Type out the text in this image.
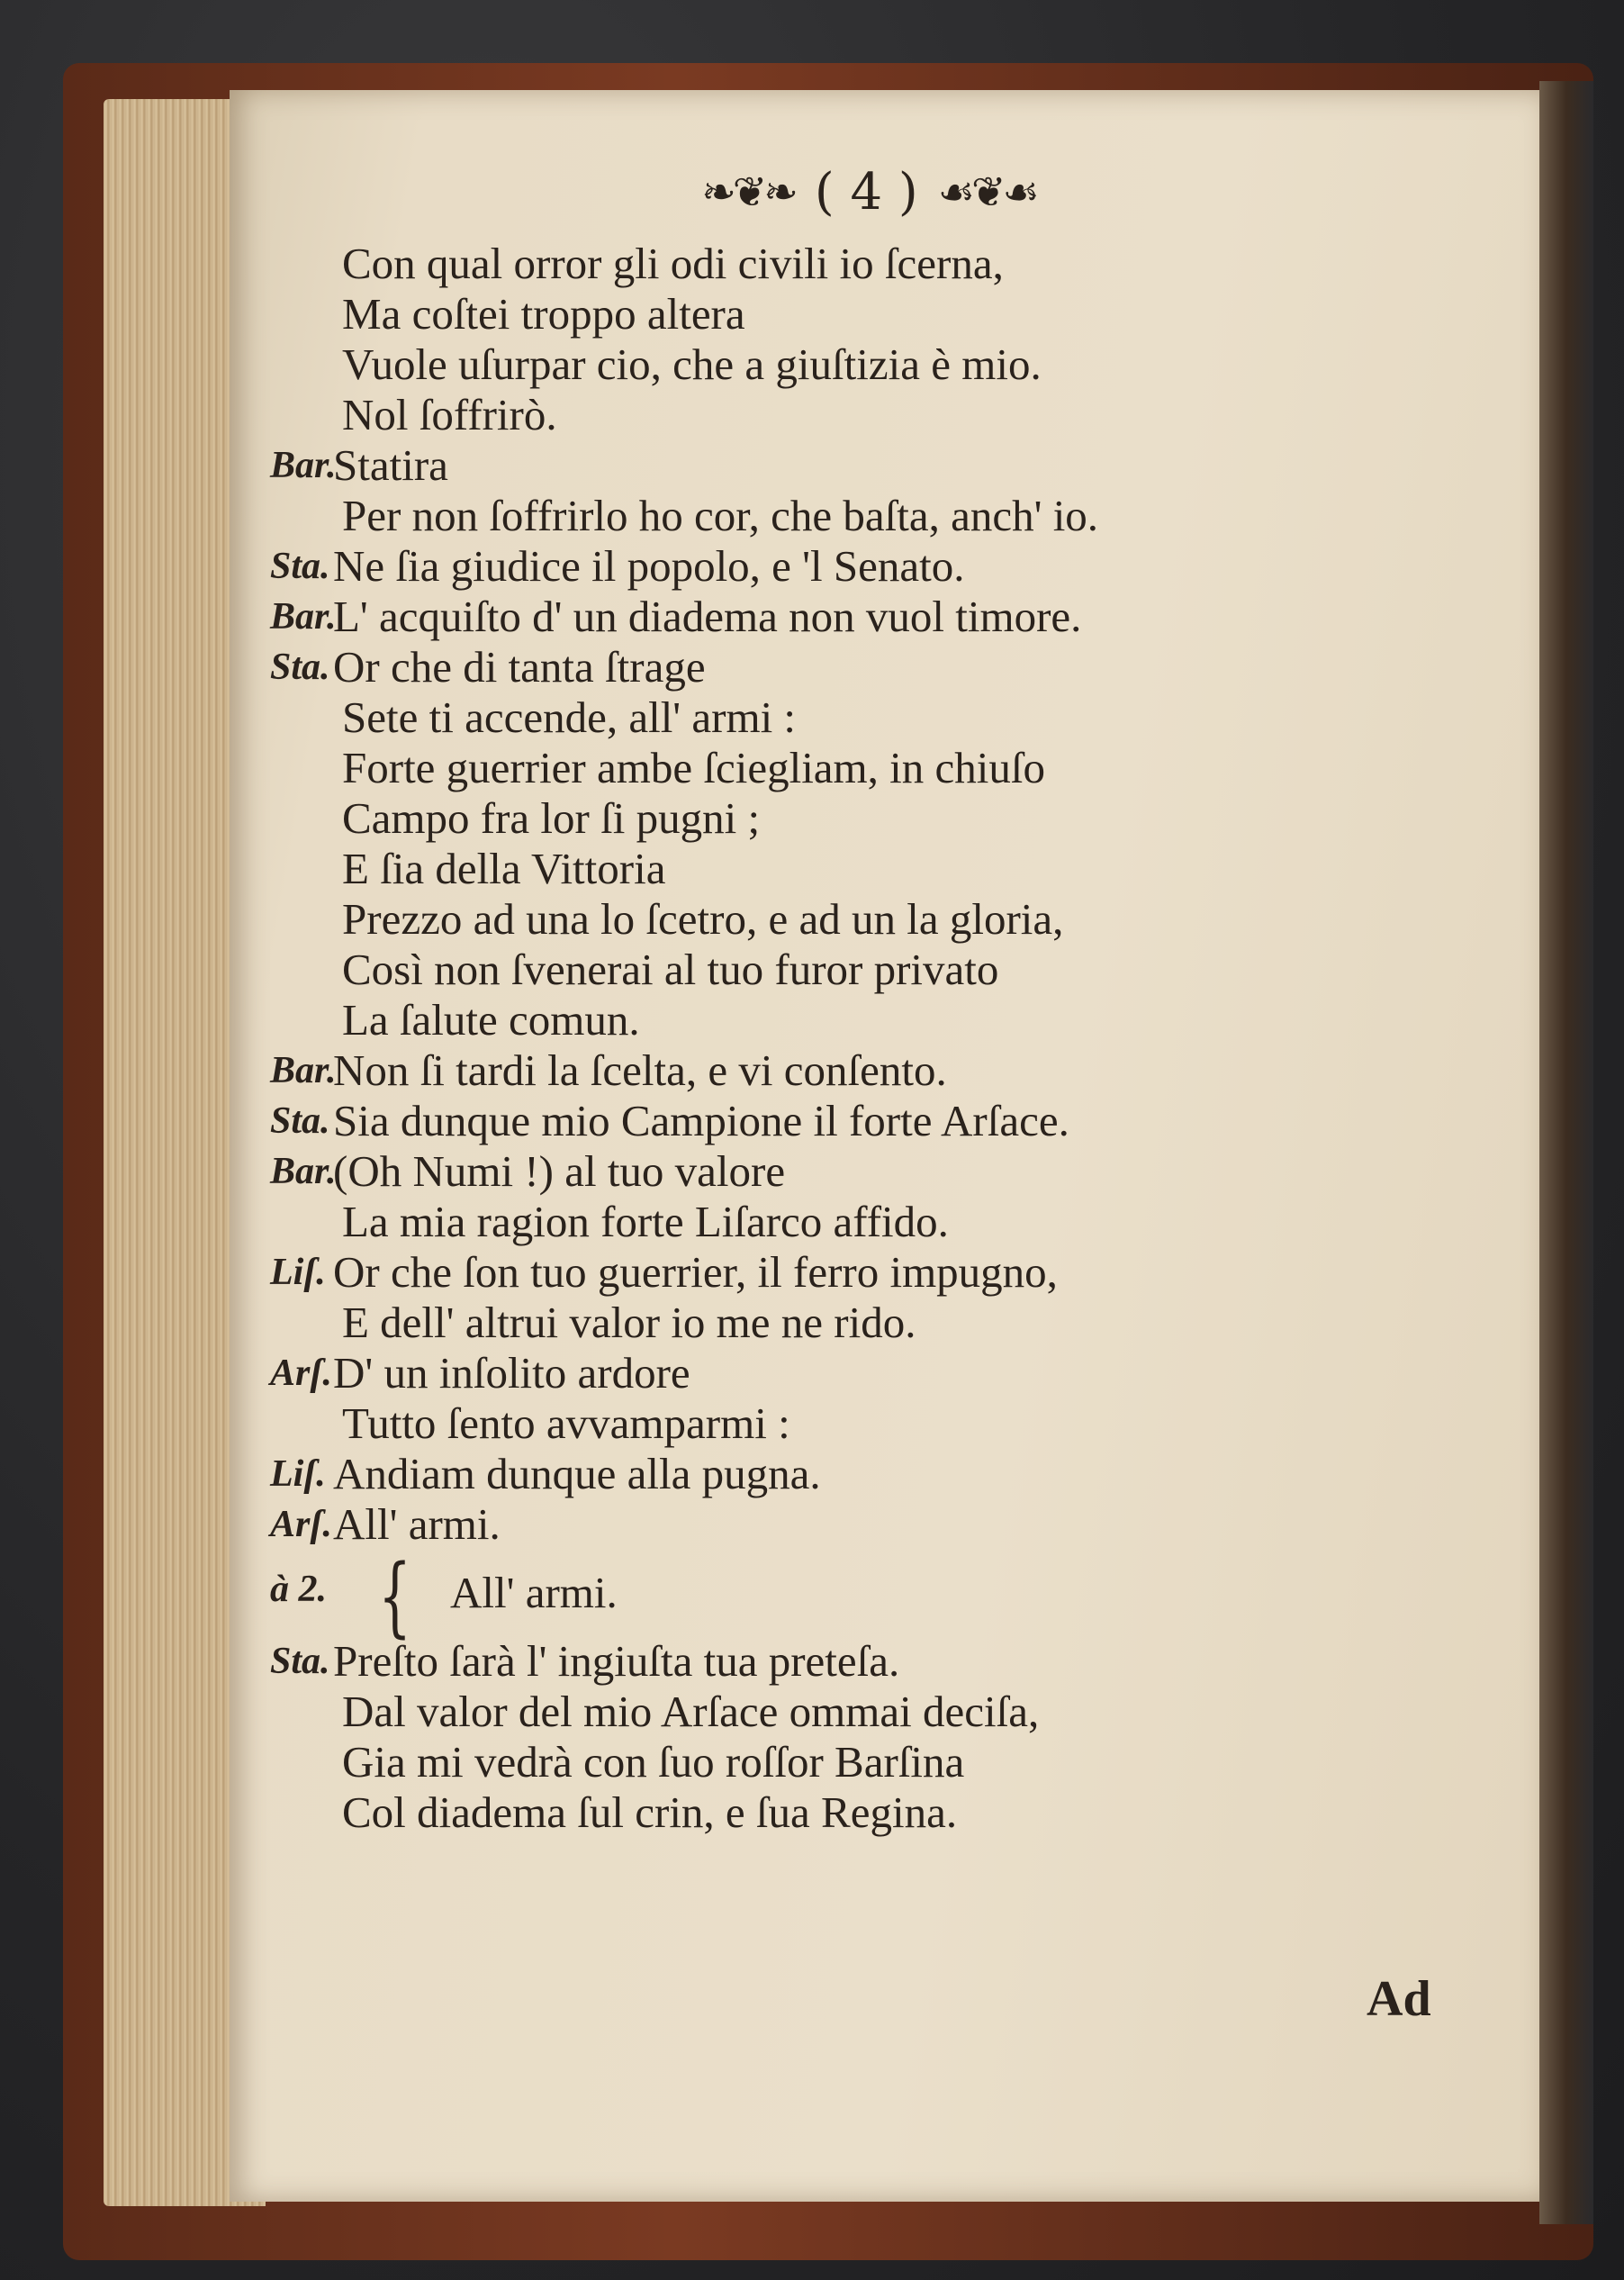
❧❦❧ ( 4 ) ☙❦☙
Con qual orror gli odi civili io ſcerna,
Ma coſtei troppo altera
Vuole uſurpar cio, che a giuſtizia è mio.
Nol ſoffrirò.
Bar.
Statira
Per non ſoffrirlo ho cor, che baſta, anch' io.
Sta. Ne ſia giudice il popolo, e 'l Senato.
Bar.
L' acquiſto d' un diadema non vuol timore.
Sta. Or che di tanta ſtrage
Sete ti accende, all' armi :
Forte guerrier ambe ſciegliam, in chiuſo
Campo fra lor ſi pugni ;
E ſia della Vittoria
Prezzo ad una lo ſcetro, e ad un la gloria,
Così non ſvenerai al tuo furor privato
La ſalute comun.
Bar.
Non ſi tardi la ſcelta, e vi conſento.
Sta. Sia dunque mio Campione il forte Arſace.
Bar.
(Oh Numi !) al tuo valore
La mia ragion forte Liſarco affido.
Liſ. Or che ſon tuo guerrier, il ferro impugno,
E dell' altrui valor io me ne rido.
Arſ. D' un inſolito ardore
Tutto ſento avvamparmi :
Liſ. Andiam dunque alla pugna.
Arſ. All' armi.
à 2. { All' armi.
Sta. Preſto ſarà l' ingiuſta tua preteſa.
Dal valor del mio Arſace ommai deciſa,
Gia mi vedrà con ſuo roſſor Barſina
Col diadema ſul crin, e ſua Regina.
Ad
